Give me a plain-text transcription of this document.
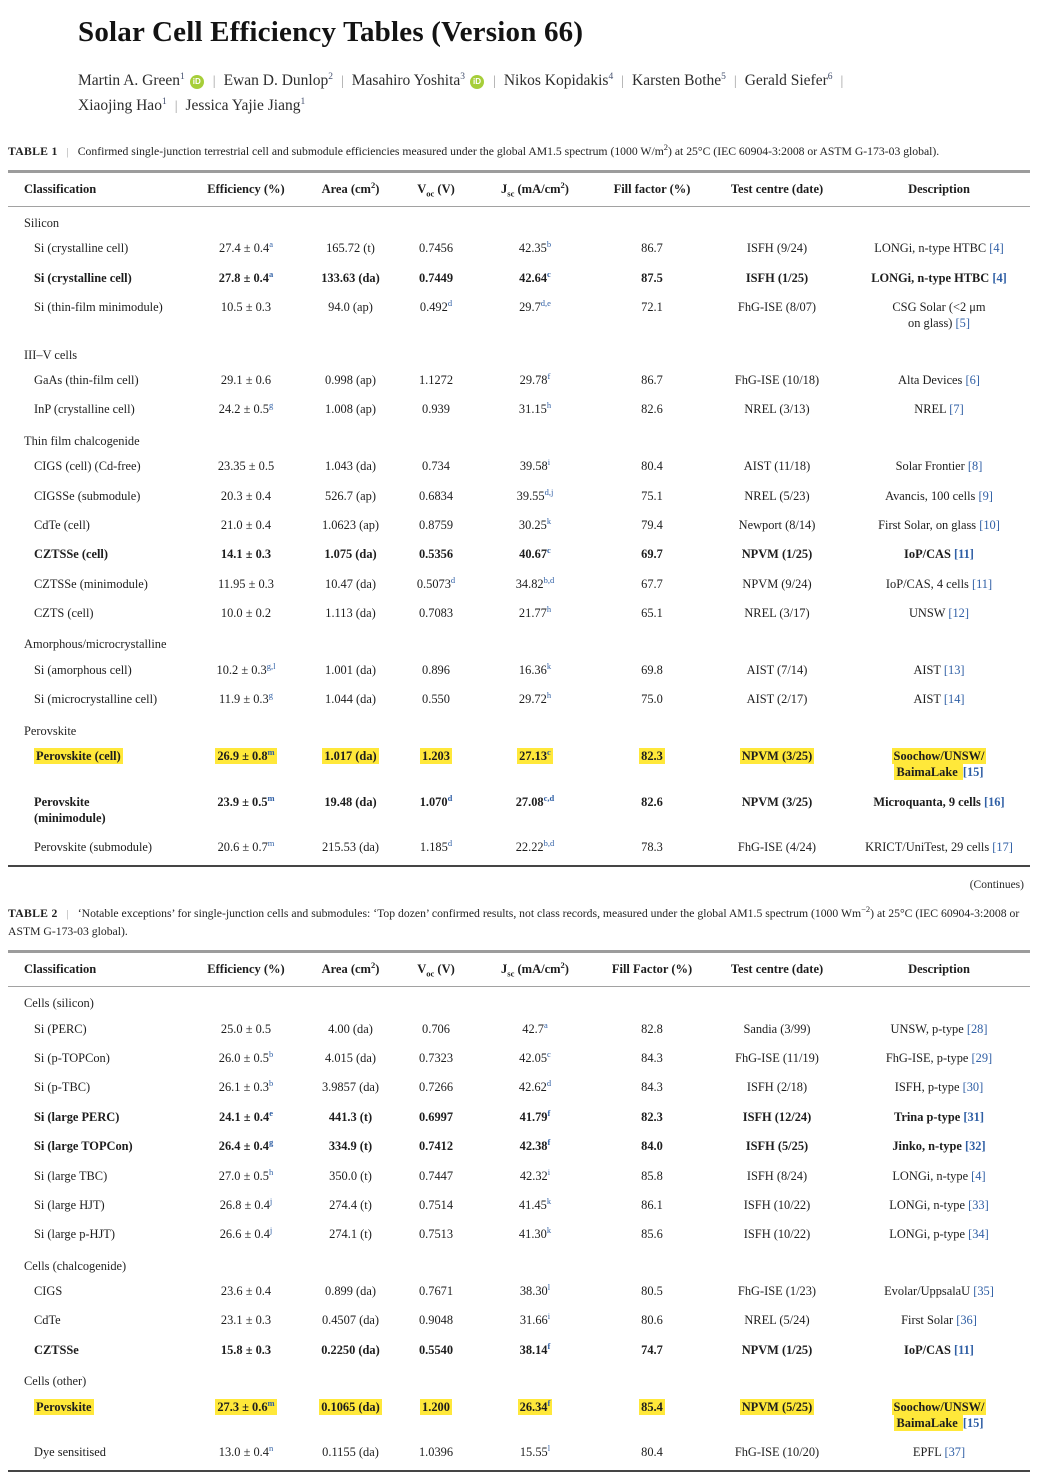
Solar Cell Efficiency Tables (Version 66)
Martin A. Green$^1$ iD | Ewan D. Dunlop$^2$ | Masahiro Yoshita$^3$ iD | Nikos Kopidakis$^4$ | Karsten Bothe$^5$ | Gerald Siefer$^6$ |
Xiaojing Hao$^1$ | Jessica Yajie Jiang$^1$
TABLE 1 | Confirmed single-junction terrestrial cell and submodule efficiencies measured under the global AM1.5 spectrum (1000 $W/m^2$) at 25°C (IEC 60904-3:2008 or ASTM G-173-03 global).
Classification	Efficiency (%)	Area $(cm^2)$	$V_{oc}$ (V)	$J_{sc}$ $(mA/cm^2)$	Fill factor (%)	Test centre (date)	Description
Silicon							
Si (crystalline cell)	27.4 ± 0.4$^a$	165.72 (t)	0.7456	42.35$^b$	86.7	ISFH (9/24)	LONGi, n-type HTBC [4]
Si (crystalline cell)	27.8 ± 0.4$^a$	133.63 (da)	0.7449	42.64$^c$	87.5	ISFH (1/25)	LONGi, n-type HTBC [4]
Si (thin-film minimodule)	10.5 ± 0.3	94.0 (ap)	0.492$^d$	29.7$^{d,e}$	72.1	FhG-ISE (8/07)	CSG Solar (<2 μm
on glass) [5]
III–V cells							
GaAs (thin-film cell)	29.1 ± 0.6	0.998 (ap)	1.1272	29.78$^f$	86.7	FhG-ISE (10/18)	Alta Devices [6]
InP (crystalline cell)	24.2 ± 0.5$^g$	1.008 (ap)	0.939	31.15$^h$	82.6	NREL (3/13)	NREL [7]
Thin film chalcogenide							
CIGS (cell) (Cd-free)	23.35 ± 0.5	1.043 (da)	0.734	39.58$^i$	80.4	AIST (11/18)	Solar Frontier [8]
CIGSSe (submodule)	20.3 ± 0.4	526.7 (ap)	0.6834	39.55$^{d,j}$	75.1	NREL (5/23)	Avancis, 100 cells [9]
CdTe (cell)	21.0 ± 0.4	1.0623 (ap)	0.8759	30.25$^k$	79.4	Newport (8/14)	First Solar, on glass [10]
CZTSSe (cell)	14.1 ± 0.3	1.075 (da)	0.5356	40.67$^c$	69.7	NPVM (1/25)	IoP/CAS [11]
CZTSSe (minimodule)	11.95 ± 0.3	10.47 (da)	0.5073$^d$	34.82$^{b,d}$	67.7	NPVM (9/24)	IoP/CAS, 4 cells [11]
CZTS (cell)	10.0 ± 0.2	1.113 (da)	0.7083	21.77$^h$	65.1	NREL (3/17)	UNSW [12]
Amorphous/microcrystalline							
Si (amorphous cell)	$10.2 \pm 0.3^{g,l}$	1.001 (da)	0.896	16.36$^k$	69.8	AIST (7/14)	AIST [13]
Si (microcrystalline cell)	11.9 ± 0.3$^g$	1.044 (da)	0.550	29.72$^h$	75.0	AIST (2/17)	AIST [14]
Perovskite							
Perovskite (cell)	$26.9 \pm 0.8^m$	1.017 (da)	1.203	27.13$^c$	82.3	NPVM (3/25)	Soochow/UNSW/
BaimaLake [15]
Perovskite
(minimodule)	$23.9 \pm 0.5^m$	19.48 (da)	1.070$^d$	27.08$^{c,d}$	82.6	NPVM (3/25)	Microquanta, 9 cells [16]
Perovskite (submodule)	$20.6 \pm 0.7^m$	215.53 (da)	1.185$^d$	22.22$^{b,d}$	78.3	FhG-ISE (4/24)	KRICT/UniTest, 29 cells [17]
(Continues)
TABLE 2 | ‘Notable exceptions’ for single-junction cells and submodules: ‘Top dozen’ confirmed results, not class records, measured under the global AM1.5 spectrum (1000 $Wm^{-2}$) at 25°C (IEC 60904-3:2008 or ASTM G-173-03 global).
Classification	Efficiency (%)	Area $(cm^2)$	$V_{oc}$ (V)	$J_{sc}$ $(mA/cm^2)$	Fill Factor (%)	Test centre (date)	Description
Cells (silicon)							
Si (PERC)	25.0 ± 0.5	4.00 (da)	0.706	42.7$^a$	82.8	Sandia (3/99)	UNSW, p-type [28]
Si (p-TOPCon)	26.0 ± 0.5$^b$	4.015 (da)	0.7323	42.05$^c$	84.3	FhG-ISE (11/19)	FhG-ISE, p-type [29]
Si (p-TBC)	26.1 ± 0.3$^b$	3.9857 (da)	0.7266	42.62$^d$	84.3	ISFH (2/18)	ISFH, p-type [30]
Si (large PERC)	24.1 ± 0.4$^e$	441.3 (t)	0.6997	41.79$^f$	82.3	ISFH (12/24)	Trina p-type [31]
Si (large TOPCon)	26.4 ± 0.4$^g$	334.9 (t)	0.7412	42.38$^f$	84.0	ISFH (5/25)	Jinko, n-type [32]
Si (large TBC)	27.0 ± 0.5$^h$	350.0 (t)	0.7447	42.32$^i$	85.8	ISFH (8/24)	LONGi, n-type [4]
Si (large HJT)	$26.8 \pm 0.4^j$	274.4 (t)	0.7514	41.45$^k$	86.1	ISFH (10/22)	LONGi, n-type [33]
Si (large p-HJT)	$26.6 \pm 0.4^j$	274.1 (t)	0.7513	41.30$^k$	85.6	ISFH (10/22)	LONGi, p-type [34]
Cells (chalcogenide)							
CIGS	23.6 ± 0.4	0.899 (da)	0.7671	38.30$^l$	80.5	FhG-ISE (1/23)	Evolar/UppsalaU [35]
CdTe	23.1 ± 0.3	0.4507 (da)	0.9048	31.66$^i$	80.6	NREL (5/24)	First Solar [36]
CZTSSe	15.8 ± 0.3	0.2250 (da)	0.5540	38.14$^f$	74.7	NPVM (1/25)	IoP/CAS [11]
Cells (other)							
Perovskite	$27.3 \pm 0.6^m$	0.1065 (da)	1.200	26.34$^f$	85.4	NPVM (5/25)	Soochow/UNSW/
BaimaLake [15]
Dye sensitised	$13.0 \pm 0.4^n$	0.1155 (da)	1.0396	15.55$^l$	80.4	FhG-ISE (10/20)	EPFL [37]
